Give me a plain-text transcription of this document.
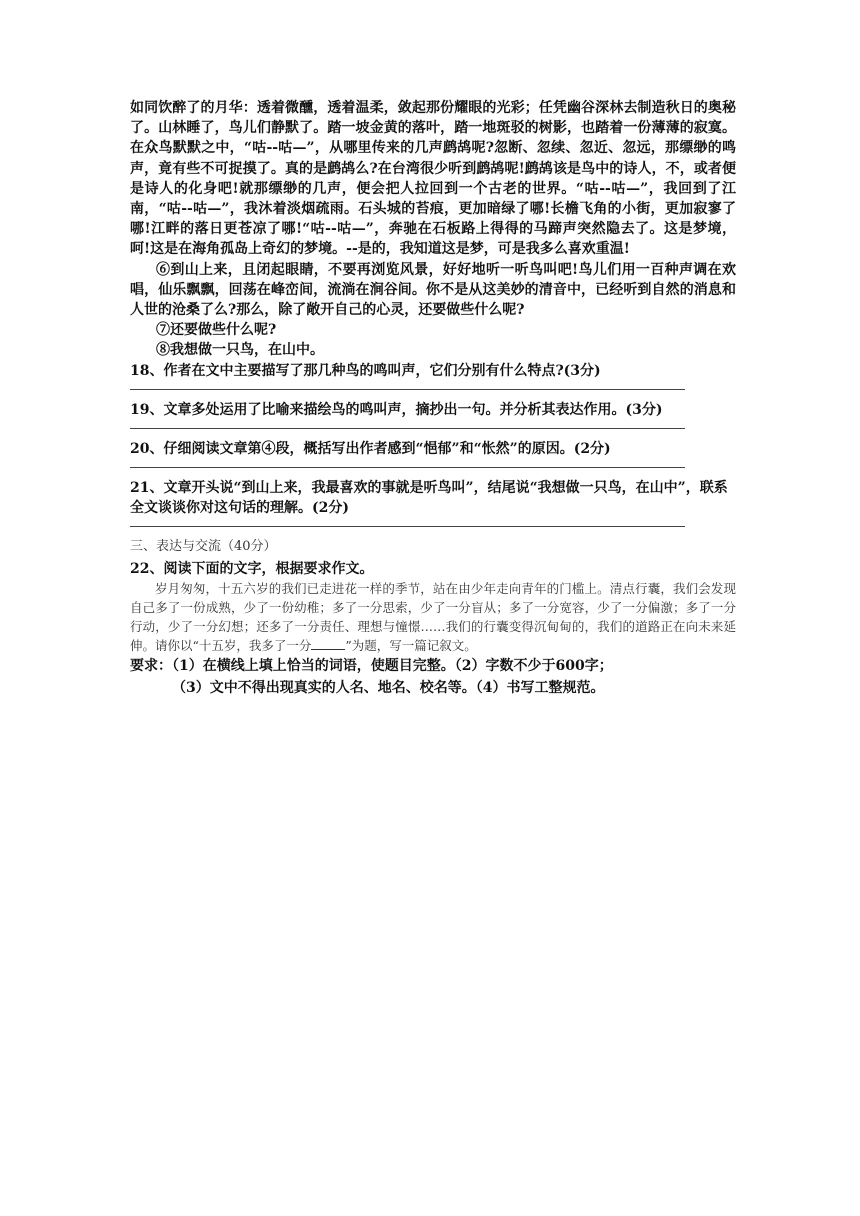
如同饮醉了的月华：透着微醺，透着温柔，敛起那份耀眼的光彩；任凭幽谷深林去制造秋日的奥秘了。山林睡了，鸟儿们静默了。踏一坡金黄的落叶，踏一地斑驳的树影，也踏着一份薄薄的寂寞。在众鸟默默之中，“咕--咕—”，从哪里传来的几声鹧鸪呢?忽断、忽续、忽近、忽远，那缥缈的鸣声，竟有些不可捉摸了。真的是鹧鸪么?在台湾很少听到鹧鸪呢!鹧鸪该是鸟中的诗人，不，或者便是诗人的化身吧!就那缥缈的几声，便会把人拉回到一个古老的世界。“咕--咕—”，我回到了江南，“咕--咕—”，我沐着淡烟疏雨。石头城的苔痕，更加暗绿了哪!长檐飞角的小街，更加寂寥了哪!江畔的落日更苍凉了哪!“咕--咕—”，奔驰在石板路上得得的马蹄声突然隐去了。这是梦境，呵!这是在海角孤岛上奇幻的梦境。--是的，我知道这是梦，可是我多么喜欢重温!

⑥到山上来，且闭起眼睛，不要再浏览风景，好好地听一听鸟叫吧!鸟儿们用一百种声调在欢唱，仙乐飘飘，回荡在峰峦间，流淌在涧谷间。你不是从这美妙的清音中，已经听到自然的消息和人世的沧桑了么?那么，除了敞开自己的心灵，还要做些什么呢?

⑦还要做些什么呢?

⑧我想做一只鸟，在山中。

18、作者在文中主要描写了那几种鸟的鸣叫声，它们分别有什么特点?(3分)

19、文章多处运用了比喻来描绘鸟的鸣叫声，摘抄出一句。并分析其表达作用。(3分)

20、仔细阅读文章第④段，概括写出作者感到“悒郁”和“怅然”的原因。(2分)

21、文章开头说“到山上来，我最喜欢的事就是听鸟叫”，结尾说“我想做一只鸟，在山中”，联系全文谈谈你对这句话的理解。(2分)

三、表达与交流（40分）

22、阅读下面的文字，根据要求作文。

岁月匆匆，十五六岁的我们已走进花一样的季节，站在由少年走向青年的门槛上。清点行囊，我们会发现自己多了一份成熟，少了一份幼稚；多了一分思索，少了一分盲从；多了一分宽容，少了一分偏激；多了一分行动，少了一分幻想；还多了一分责任、理想与憧憬……我们的行囊变得沉甸甸的，我们的道路正在向未来延伸。请你以“十五岁，我多了一分	”为题，写一篇记叙文。

要求：（1）在横线上填上恰当的词语，使题目完整。（2）字数不少于600字；

（3）文中不得出现真实的人名、地名、校名等。（4）书写工整规范。
